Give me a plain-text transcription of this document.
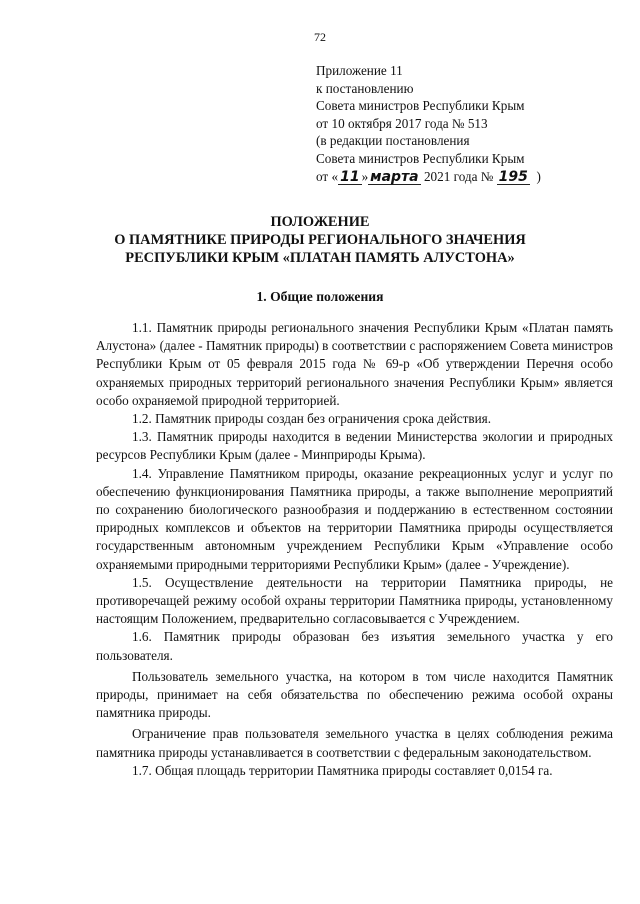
72
Приложение 11
к постановлению
Совета министров Республики Крым
от 10 октября 2017 года № 513
(в редакции постановления
Совета министров Республики Крым
от « 11 » марта 2021 года № 195 )
ПОЛОЖЕНИЕ
О ПАМЯТНИКЕ ПРИРОДЫ РЕГИОНАЛЬНОГО ЗНАЧЕНИЯ
РЕСПУБЛИКИ КРЫМ «ПЛАТАН ПАМЯТЬ АЛУСТОНА»
1. Общие положения

1.1. Памятник природы регионального значения Республики Крым «Платан память Алустона» (далее - Памятник природы) в соответствии с распоряжением Совета министров Республики Крым от 05 февраля 2015 года № 69-р «Об утверждении Перечня особо охраняемых природных территорий регионального значения Республики Крым» является особо охраняемой природной территорией.

1.2. Памятник природы создан без ограничения срока действия.

1.3. Памятник природы находится в ведении Министерства экологии и природных ресурсов Республики Крым (далее - Минприроды Крыма).

1.4. Управление Памятником природы, оказание рекреационных услуг и услуг по обеспечению функционирования Памятника природы, а также выполнение мероприятий по сохранению биологического разнообразия и поддержанию в естественном состоянии природных комплексов и объектов на территории Памятника природы осуществляется государственным автономным учреждением Республики Крым «Управление особо охраняемыми природными территориями Республики Крым» (далее - Учреждение).

1.5. Осуществление деятельности на территории Памятника природы, не противоречащей режиму особой охраны территории Памятника природы, установленному настоящим Положением, предварительно согласовывается с Учреждением.

1.6. Памятник природы образован без изъятия земельного участка у его пользователя.

Пользователь земельного участка, на котором в том числе находится Памятник природы, принимает на себя обязательства по обеспечению режима особой охраны памятника природы.

Ограничение прав пользователя земельного участка в целях соблюдения режима памятника природы устанавливается в соответствии с федеральным законодательством.

1.7. Общая площадь территории Памятника природы составляет 0,0154 га.
